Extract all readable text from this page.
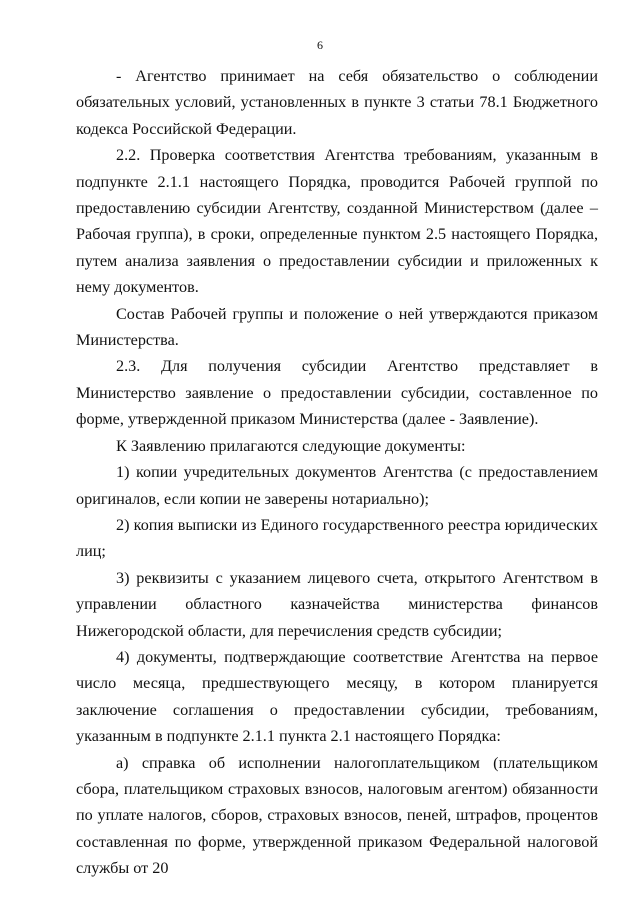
6

- Агентство принимает на себя обязательство о соблюдении обязательных условий, установленных в пункте 3 статьи 78.1 Бюджетного кодекса Российской Федерации.

2.2. Проверка соответствия Агентства требованиям, указанным в подпункте 2.1.1 настоящего Порядка, проводится Рабочей группой по предоставлению субсидии Агентству, созданной Министерством (далее – Рабочая группа), в сроки, определенные пунктом 2.5 настоящего Порядка, путем анализа заявления о предоставлении субсидии и приложенных к нему документов.

Состав Рабочей группы и положение о ней утверждаются приказом Министерства.

2.3. Для получения субсидии Агентство представляет в Министерство заявление о предоставлении субсидии, составленное по форме, утвержденной приказом Министерства (далее - Заявление).

К Заявлению прилагаются следующие документы:

1) копии учредительных документов Агентства (с предоставлением оригиналов, если копии не заверены нотариально);

2) копия выписки из Единого государственного реестра юридических лиц;

3) реквизиты с указанием лицевого счета, открытого Агентством в управлении областного казначейства министерства финансов Нижегородской области, для перечисления средств субсидии;

4) документы, подтверждающие соответствие Агентства на первое число месяца, предшествующего месяцу, в котором планируется заключение соглашения о предоставлении субсидии, требованиям, указанным в подпункте 2.1.1 пункта 2.1 настоящего Порядка:

а) справка об исполнении налогоплательщиком (плательщиком сбора, плательщиком страховых взносов, налоговым агентом) обязанности по уплате налогов, сборов, страховых взносов, пеней, штрафов, процентов составленная по форме, утвержденной приказом Федеральной налоговой службы от 20
